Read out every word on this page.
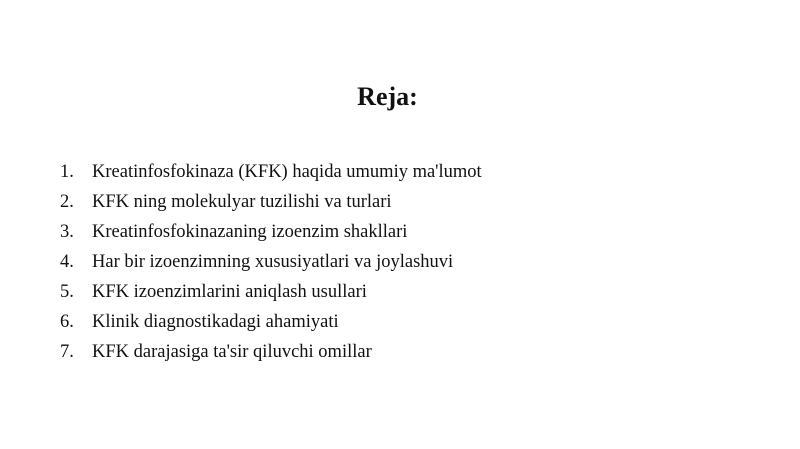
Reja:
1. Kreatinfosfokinaza (KFK) haqida umumiy ma'lumot
2. KFK ning molekulyar tuzilishi va turlari
3. Kreatinfosfokinazaning izoenzim shakllari
4. Har bir izoenzimning xususiyatlari va joylashuvi
5. KFK izoenzimlarini aniqlash usullari
6. Klinik diagnostikadagi ahamiyati
7. KFK darajasiga ta'sir qiluvchi omillar
